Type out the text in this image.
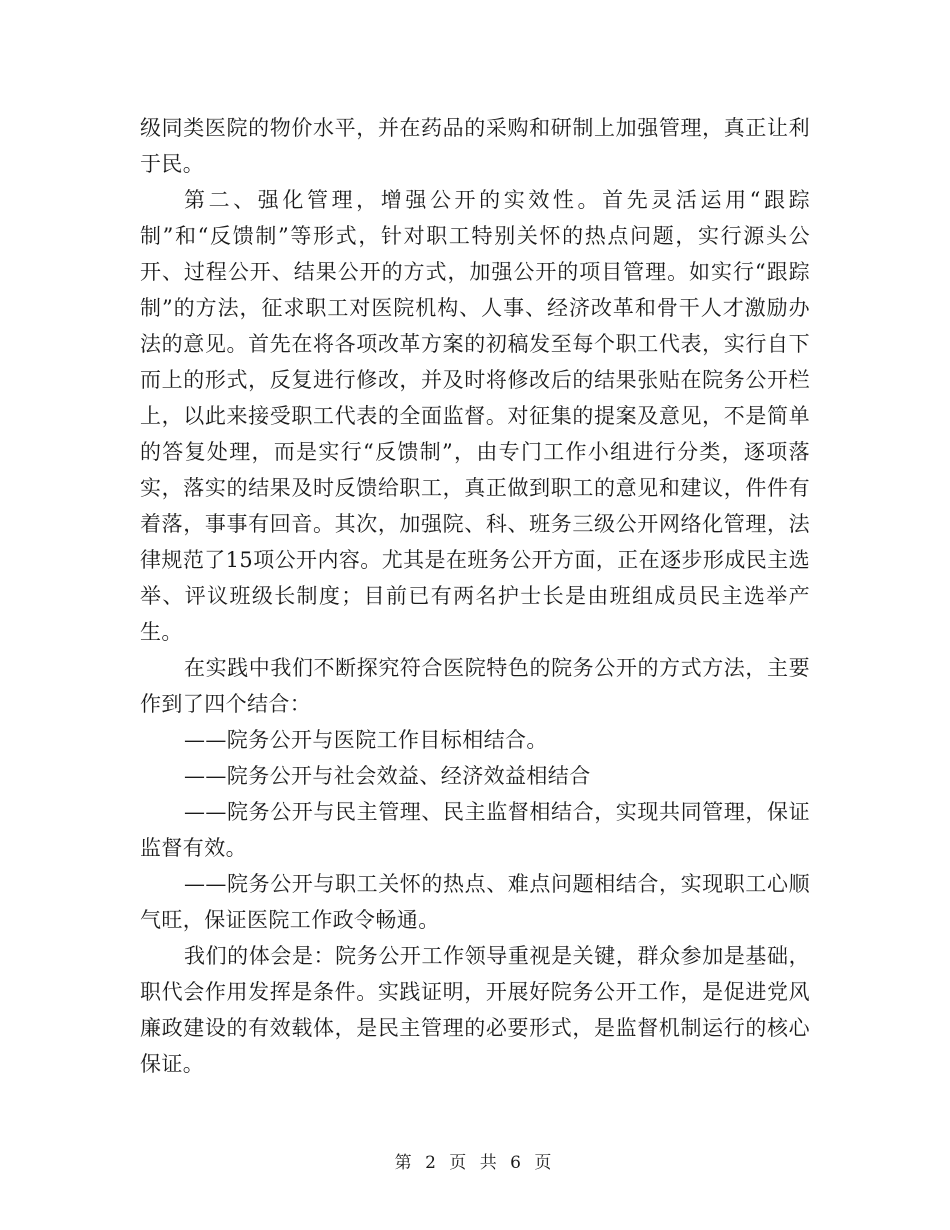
级同类医院的物价水平，并在药品的采购和研制上加强管理，真正让利于民。

第二、强化管理，增强公开的实效性。首先灵活运用“跟踪制”和“反馈制”等形式，针对职工特别关怀的热点问题，实行源头公开、过程公开、结果公开的方式，加强公开的项目管理。如实行“跟踪制”的方法，征求职工对医院机构、人事、经济改革和骨干人才激励办法的意见。首先在将各项改革方案的初稿发至每个职工代表，实行自下而上的形式，反复进行修改，并及时将修改后的结果张贴在院务公开栏上，以此来接受职工代表的全面监督。对征集的提案及意见，不是简单的答复处理，而是实行“反馈制”，由专门工作小组进行分类，逐项落实，落实的结果及时反馈给职工，真正做到职工的意见和建议，件件有着落，事事有回音。其次，加强院、科、班务三级公开网络化管理，法律规范了15项公开内容。尤其是在班务公开方面，正在逐步形成民主选举、评议班级长制度；目前已有两名护士长是由班组成员民主选举产生。

在实践中我们不断探究符合医院特色的院务公开的方式方法，主要作到了四个结合：

——院务公开与医院工作目标相结合。

——院务公开与社会效益、经济效益相结合

——院务公开与民主管理、民主监督相结合，实现共同管理，保证监督有效。

——院务公开与职工关怀的热点、难点问题相结合，实现职工心顺气旺，保证医院工作政令畅通。

我们的体会是：院务公开工作领导重视是关键，群众参加是基础，职代会作用发挥是条件。实践证明，开展好院务公开工作，是促进党风廉政建设的有效载体，是民主管理的必要形式，是监督机制运行的核心保证。

第 2 页 共 6 页
